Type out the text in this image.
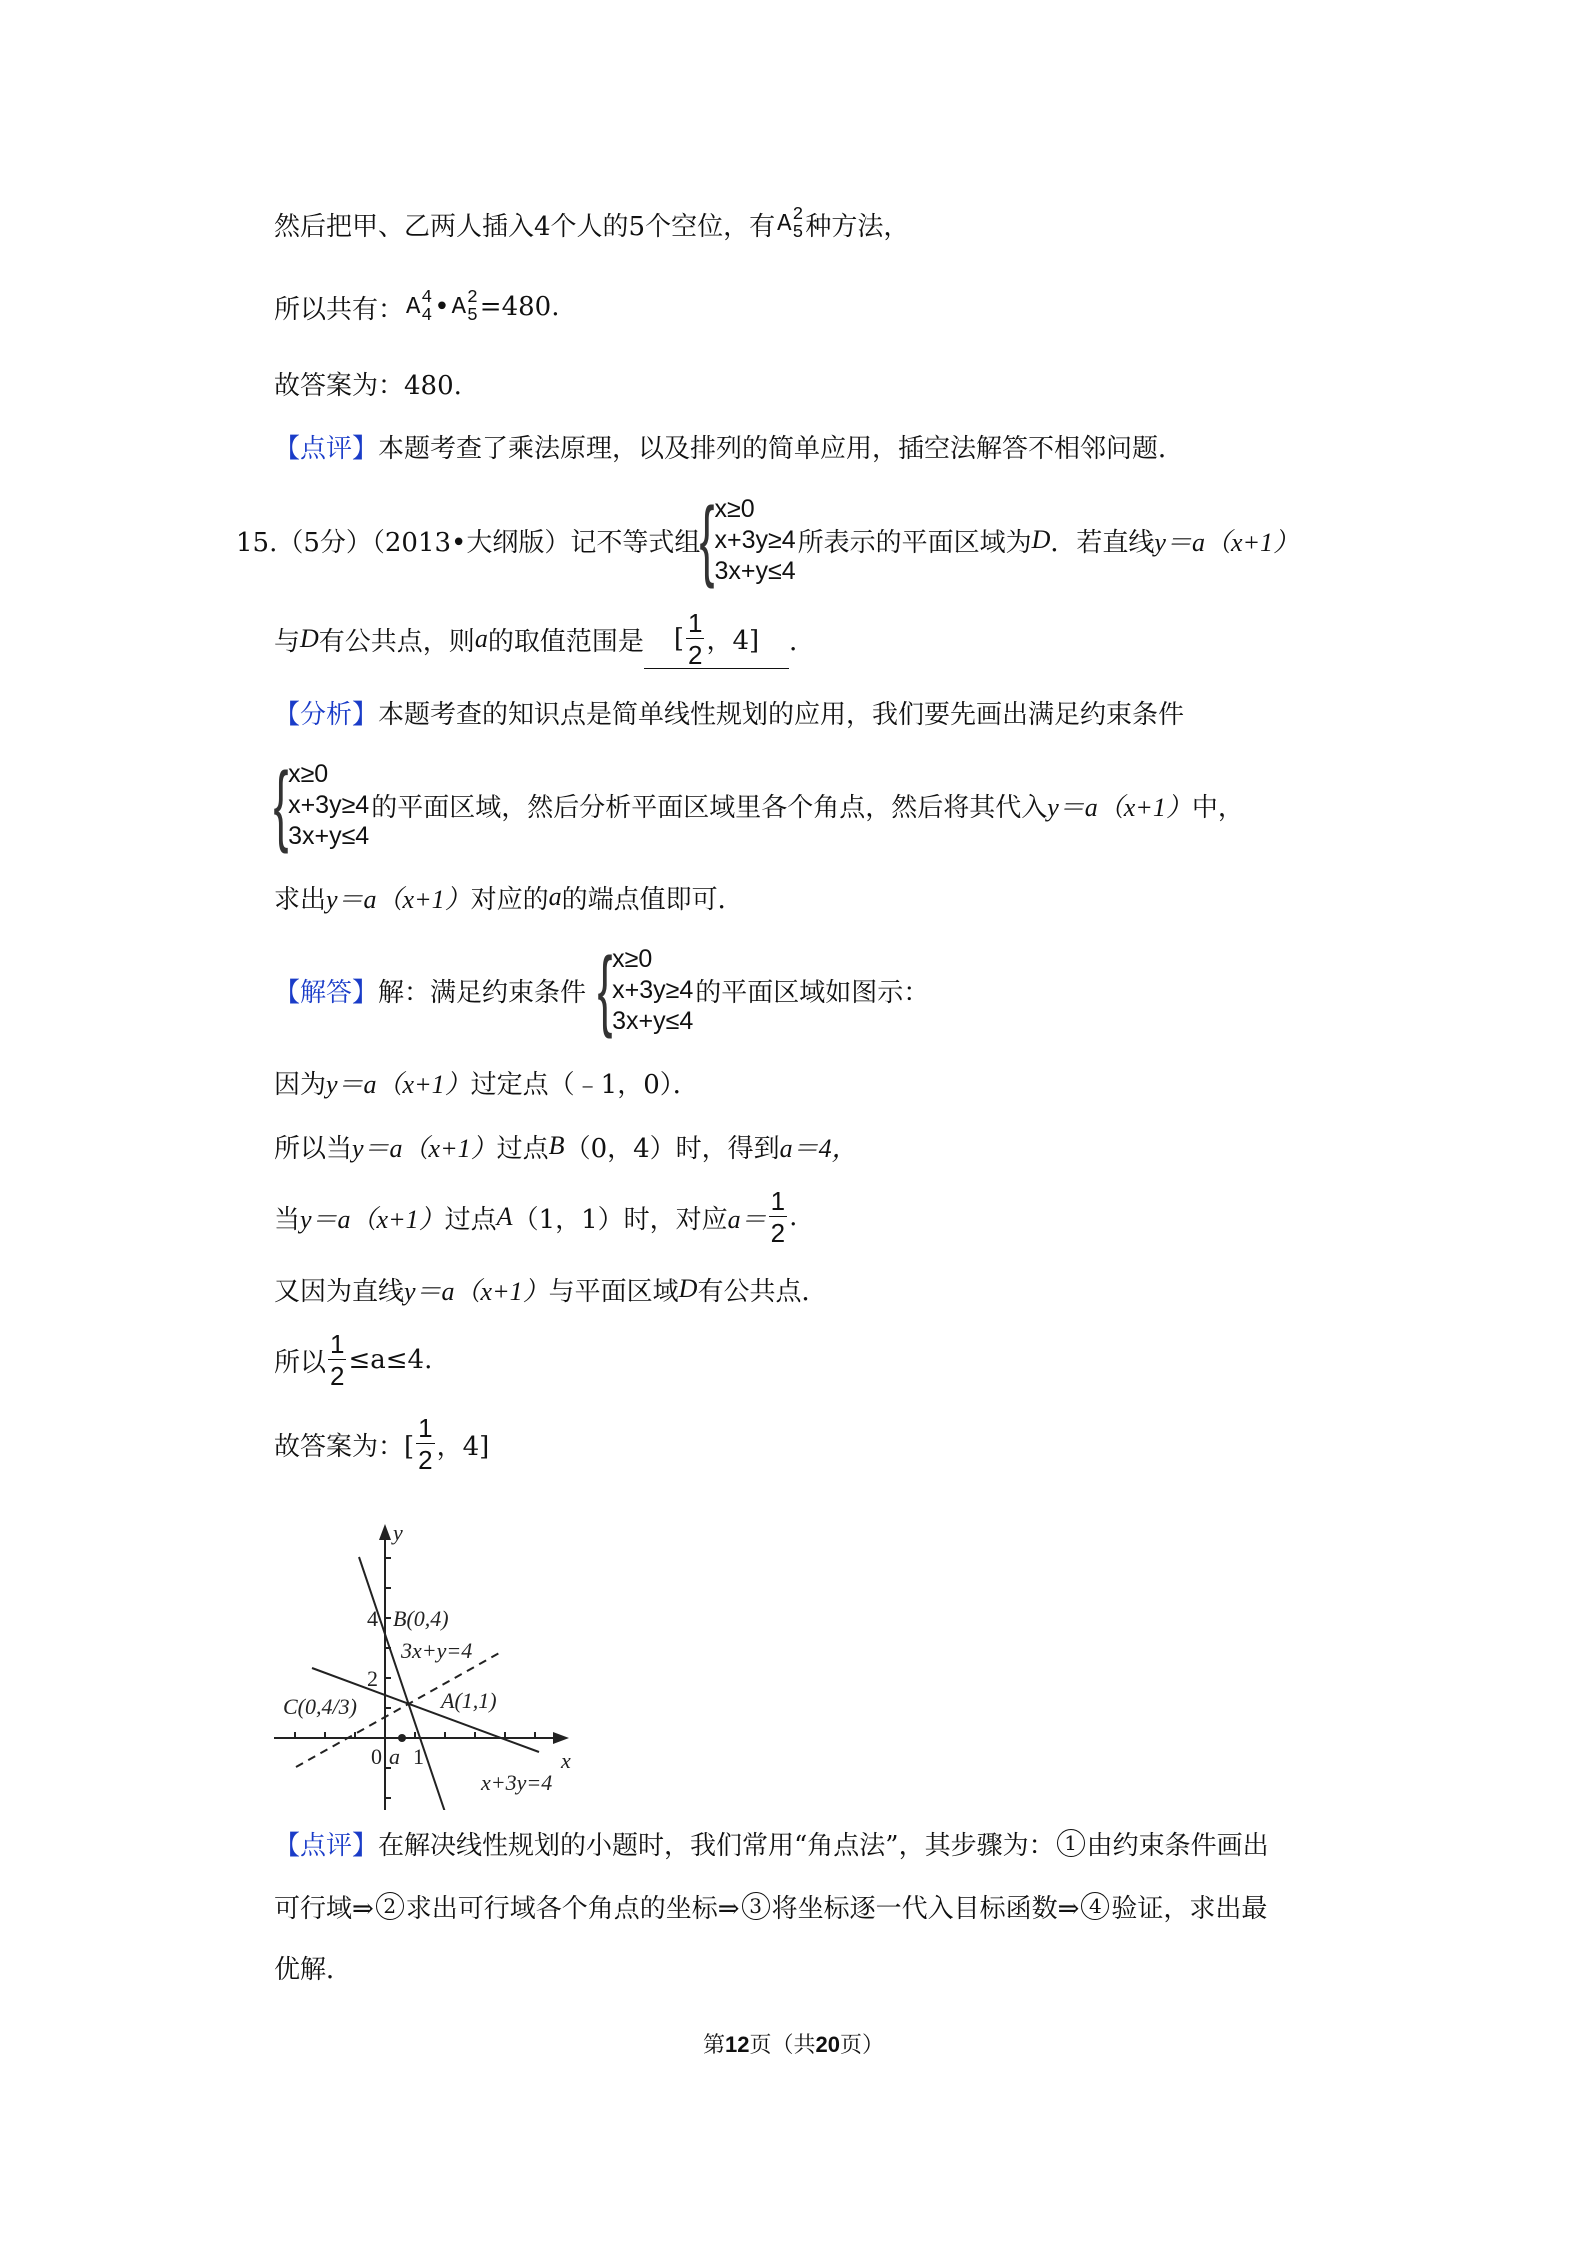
然后把甲、乙两人插入4个人的5个空位，有 A 2
5 种方法，
所以共有： A 4
4 • A 2
5 =480.
故答案为：480.
【点评】 本题考查了乘法原理，以及排列的简单应用，插空法解答不相邻问题．
15.（5分）（2013•大纲版）记不等式组 { x≥0
x+3y≥4
3x+y≤4
所表示的平面区域为 D ．若直线 y＝a（x+1）
与 D 有公共点，则 a 的取值范围是 [ $\frac{1}{2}$ ，4] ．
【分析】 本题考查的知识点是简单线性规划的应用，我们要先画出满足约束条件
{ x≥0
x+3y≥4
3x+y≤4
的平面区域，然后分析平面区域里各个角点，然后将其代入 y＝a（x+1） 中，
求出 y＝a（x+1） 对应的 a 的端点值即可．
【解答】 解：满足约束条件 { x≥0
x+3y≥4
3x+y≤4
的平面区域如图示：
因为 y＝a（x+1） 过定点（﹣1，0）．
所以当 y＝a（x+1） 过点 B （0，4）时，得到 a＝4，
当 y＝a（x+1） 过点 A （1，1）时，对应 $a= \frac{1}{2}$ .
又因为直线 y＝a（x+1） 与平面区域 D 有公共点．
所以 $\frac{1}{2} \le a\le 4$.
故答案为：[ $\frac{1}{2}$ ，4]
y
x
4
2
0 a 1
B(0,4)
3x+y=4
A(1,1)
C(0,4/3)
x+3y=4
【点评】 在解决线性规划的小题时，我们常用“角点法”，其步骤为： 1 由约束条件画出
可行域⇒ 2 求出可行域各个角点的坐标⇒ 3 将坐标逐一代入目标函数⇒ 4 验证，求出最
优解．
第12页（共20页）
